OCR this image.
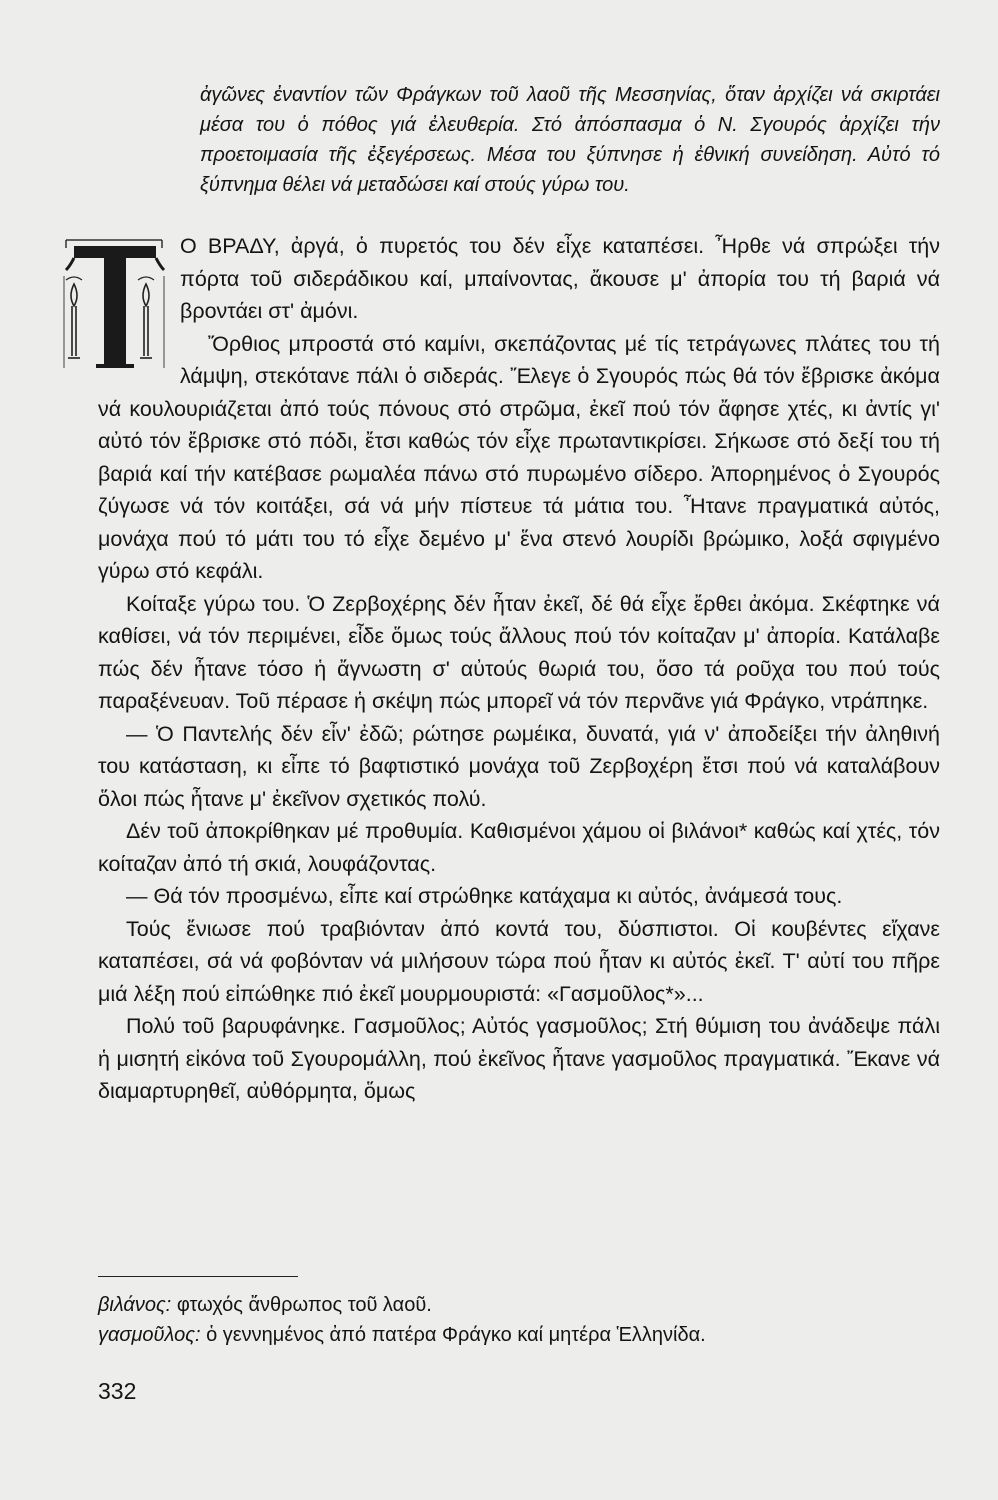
ἀγῶνες ἐναντίον τῶν Φράγκων τοῦ λαοῦ τῆς Μεσσηνίας, ὅταν ἀρχίζει νά σκιρτάει μέσα του ὁ πόθος γιά ἐλευθερία. Στό ἀπόσπασμα ὁ Ν. Σγουρός ἀρχίζει τήν προετοιμασία τῆς ἐξεγέρσεως. Μέσα του ξύπνησε ἡ ἐθνική συνείδηση. Αὐτό τό ξύπνημα θέλει νά μεταδώσει καί στούς γύρω του.

Ο ΒΡΑΔΥ, ἀργά, ὁ πυρετός του δέν εἶχε καταπέσει. Ἦρθε νά σπρώξει τήν πόρτα τοῦ σιδεράδικου καί, μπαίνοντας, ἄκουσε μ' ἀπορία του τή βαριά νά βροντάει στ' ἀμόνι.

Ὄρθιος μπροστά στό καμίνι, σκεπάζοντας μέ τίς τετράγωνες πλάτες του τή λάμψη, στεκότανε πάλι ὁ σιδεράς. Ἔλεγε ὁ Σγουρός πώς θά τόν ἔβρισκε ἀκόμα νά κουλουριάζεται ἀπό τούς πόνους στό στρῶμα, ἐκεῖ πού τόν ἄφησε χτές, κι ἀντίς γι' αὐτό τόν ἔβρισκε στό πόδι, ἔτσι καθώς τόν εἶχε πρωταντικρίσει. Σήκωσε στό δεξί του τή βαριά καί τήν κατέβασε ρωμαλέα πάνω στό πυρωμένο σίδερο. Ἀπορημένος ὁ Σγουρός ζύγωσε νά τόν κοιτάξει, σά νά μήν πίστευε τά μάτια του. Ἦτανε πραγματικά αὐτός, μονάχα πού τό μάτι του τό εἶχε δεμένο μ' ἕνα στενό λουρίδι βρώμικο, λοξά σφιγμένο γύρω στό κεφάλι.

Κοίταξε γύρω του. Ὁ Ζερβοχέρης δέν ἦταν ἐκεῖ, δέ θά εἶχε ἔρθει ἀκόμα. Σκέφτηκε νά καθίσει, νά τόν περιμένει, εἶδε ὅμως τούς ἄλλους πού τόν κοίταζαν μ' ἀπορία. Κατάλαβε πώς δέν ἦτανε τόσο ἡ ἄγνωστη σ' αὐτούς θωριά του, ὅσο τά ροῦχα του πού τούς παραξένευαν. Τοῦ πέρασε ἡ σκέψη πώς μπορεῖ νά τόν περνᾶνε γιά Φράγκο, ντράπηκε.

— Ὁ Παντελής δέν εἶν' ἐδῶ; ρώτησε ρωμέικα, δυνατά, γιά ν' ἀποδείξει τήν ἀληθινή του κατάσταση, κι εἶπε τό βαφτιστικό μονάχα τοῦ Ζερβοχέρη ἔτσι πού νά καταλάβουν ὅλοι πώς ἦτανε μ' ἐκεῖνον σχετικός πολύ.

Δέν τοῦ ἀποκρίθηκαν μέ προθυμία. Καθισμένοι χάμου οἱ βιλάνοι* καθώς καί χτές, τόν κοίταζαν ἀπό τή σκιά, λουφάζοντας.

— Θά τόν προσμένω, εἶπε καί στρώθηκε κατάχαμα κι αὐτός, ἀνάμεσά τους.

Τούς ἔνιωσε πού τραβιόνταν ἀπό κοντά του, δύσπιστοι. Οἱ κουβέντες εἴχανε καταπέσει, σά νά φοβόνταν νά μιλήσουν τώρα πού ἦταν κι αὐτός ἐκεῖ. Τ' αὐτί του πῆρε μιά λέξη πού εἰπώθηκε πιό ἐκεῖ μουρμουριστά: «Γασμοῦλος*»...

Πολύ τοῦ βαρυφάνηκε. Γασμοῦλος; Αὐτός γασμοῦλος; Στή θύμιση του ἀνάδεψε πάλι ἡ μισητή εἰκόνα τοῦ Σγουρομάλλη, πού ἐκεῖνος ἦτανε γασμοῦλος πραγματικά. Ἔκανε νά διαμαρτυρηθεῖ, αὐθόρμητα, ὅμως

βιλάνος: φτωχός ἄνθρωπος τοῦ λαοῦ.

γασμοῦλος: ὁ γεννημένος ἀπό πατέρα Φράγκο καί μητέρα Ἑλληνίδα.

332
